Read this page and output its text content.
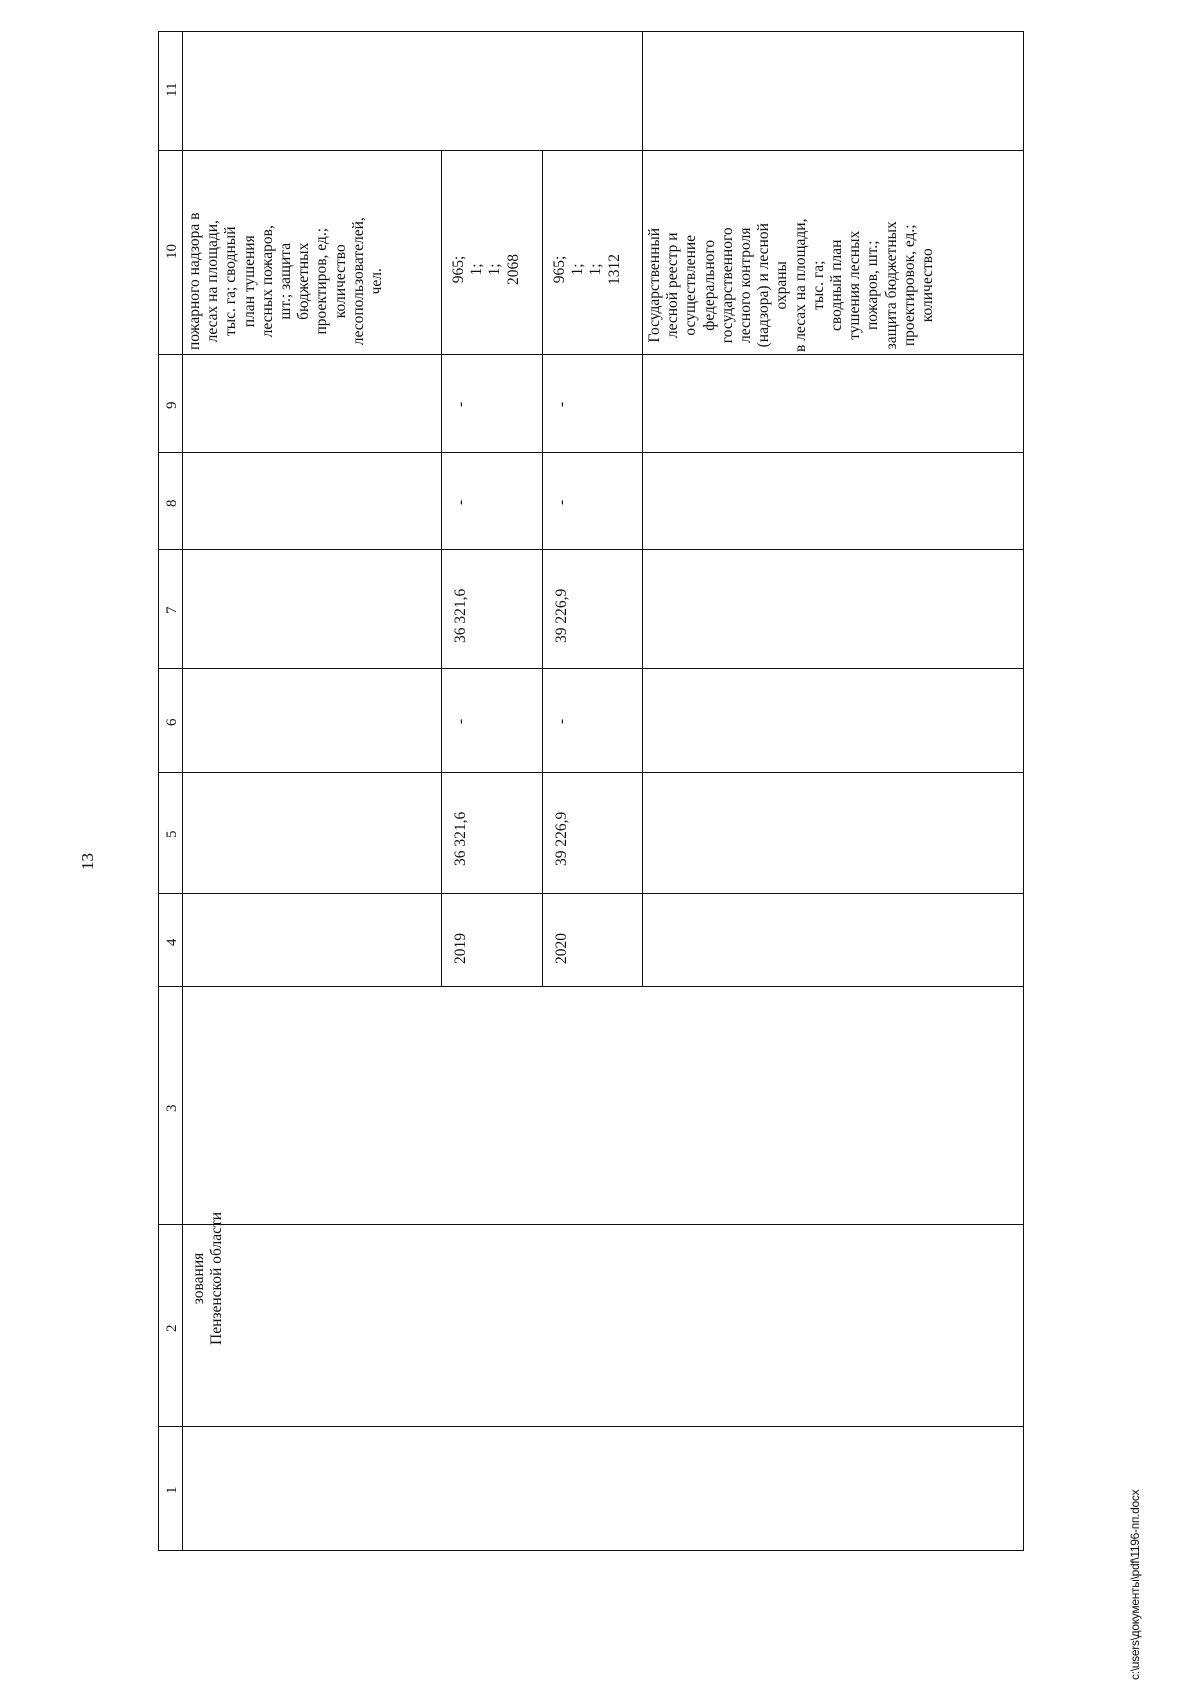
13
c:\users\документы\pdf\1196-пп.docx
1
2
3
4
5
6
7
8
9
10
11
зования Пензенской области
пожарного надзора в лесах на площади, тыс. га; сводный план тушения лесных пожаров, шт.; защита бюджетных проектиров, ед.; количество лесопользователей, чел.
2019
36 321,6
-
36 321,6
-
-
965; 1; 1; 2068
2020
39 226,9
-
39 226,9
-
-
965; 1; 1; 1312 Государственный лесной реестр и осуществление федерального государственного лесного контроля (надзора) и лесной охраны в лесах на площади, тыс. га; сводный план тушения лесных пожаров, шт.; защита бюджетных проектировок, ед.; количество
